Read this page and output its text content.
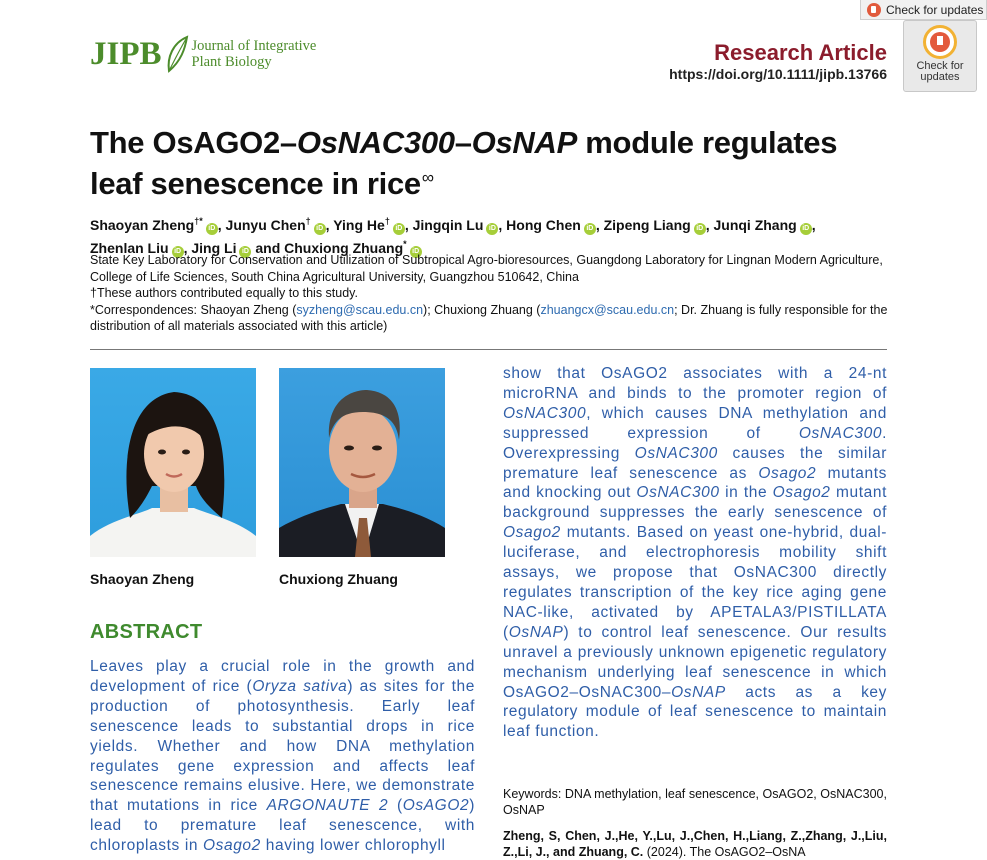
Check for updates
Check for
updates
JIPB Journal of Integrative
Plant Biology	Research Article
https://doi.org/10.1111/jipb.13766
The OsAGO2–OsNAC300–OsNAP module regulates
leaf senescence in rice∞
Shaoyan Zheng†*iD , Junyu Chen†iD , Ying He†iD , Jingqin Lu iD , Hong Chen iD , Zipeng Liang iD , Junqi Zhang iD ,
Zhenlan Liu iD , Jing Li iD and Chuxiong Zhuang*iD
State Key Laboratory for Conservation and Utilization of Subtropical Agro-bioresources, Guangdong Laboratory for Lingnan Modern Agriculture, College of Life Sciences, South China Agricultural University, Guangzhou 510642, China
†These authors contributed equally to this study.
*Correspondences: Shaoyan Zheng (syzheng@scau.edu.cn); Chuxiong Zhuang (zhuangcx@scau.edu.cn; Dr. Zhuang is fully responsible for the distribution of all materials associated with this article)
Shaoyan Zheng	Chuxiong Zhuang
ABSTRACT
Leaves play a crucial role in the growth and development of rice (Oryza sativa) as sites for the production of photosynthesis. Early leaf senescence leads to substantial drops in rice yields. Whether and how DNA methylation regulates gene expression and affects leaf senescence remains elusive. Here, we demonstrate that mutations in rice ARGONAUTE 2 (OsAGO2) lead to premature leaf senescence, with chloroplasts in Osago2 having lower chlorophyll
show that OsAGO2 associates with a 24-nt microRNA and binds to the promoter region of OsNAC300, which causes DNA methylation and suppressed expression of OsNAC300. Overexpressing OsNAC300 causes the similar premature leaf senescence as Osago2 mutants and knocking out OsNAC300 in the Osago2 mutant background suppresses the early senescence of Osago2 mutants. Based on yeast one-hybrid, dual-luciferase, and electrophoresis mobility shift assays, we propose that OsNAC300 directly regulates transcription of the key rice aging gene NAC-like, activated by APETALA3/PISTILLATA (OsNAP) to control leaf senescence. Our results unravel a previously unknown epigenetic regulatory mechanism underlying leaf senescence in which OsAGO2–OsNAC300–OsNAP acts as a key regulatory module of leaf senescence to maintain leaf function.
Keywords: DNA methylation, leaf senescence, OsAGO2, OsNAC300, OsNAP
Zheng, S, Chen, J.,He, Y.,Lu, J.,Chen, H.,Liang, Z.,Zhang, J.,Liu, Z.,Li, J., and Zhuang, C. (2024). The OsAGO2–OsNA
